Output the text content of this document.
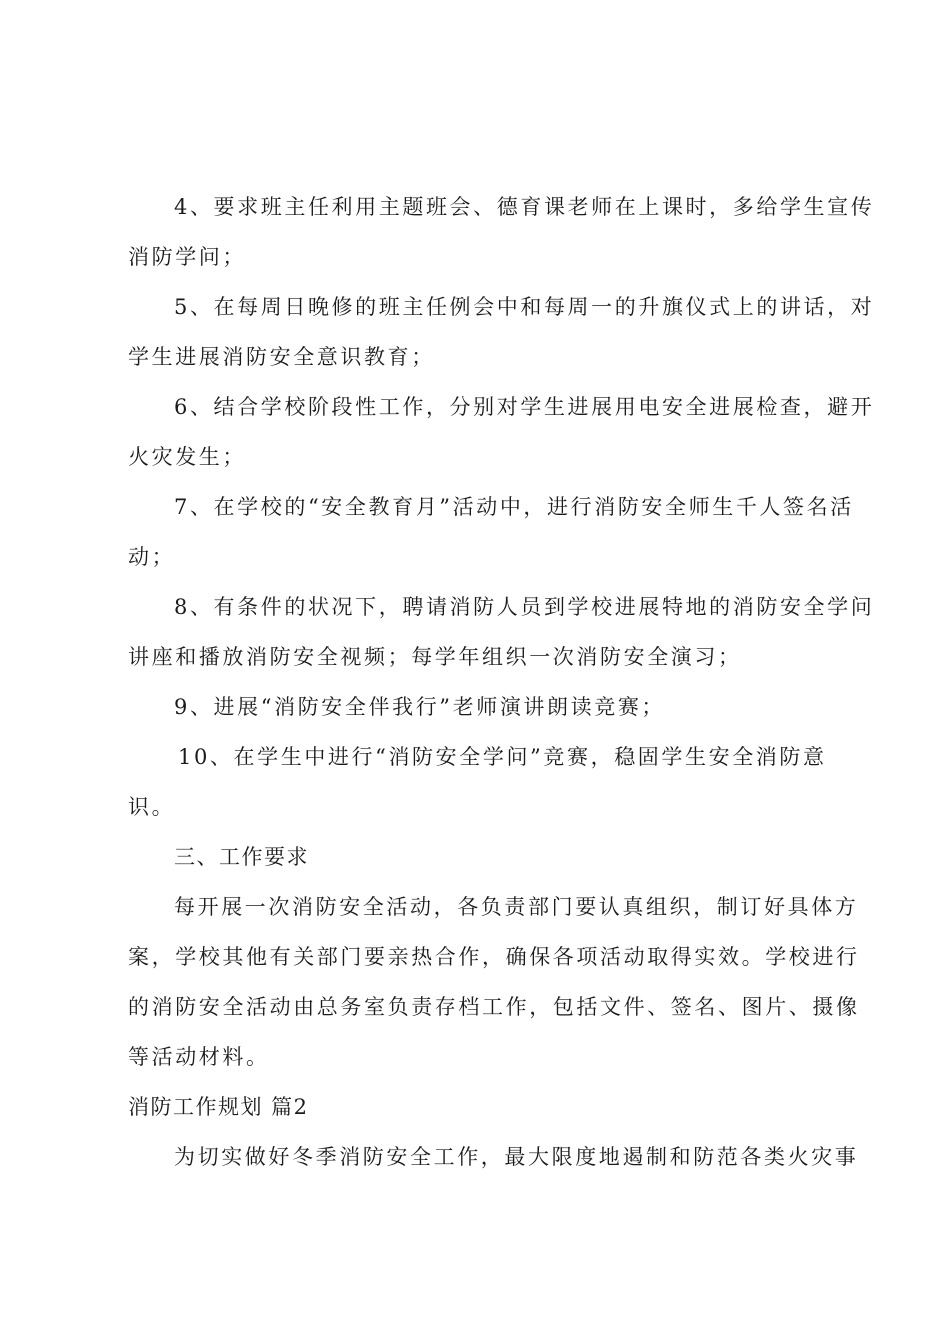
4、要求班主任利用主题班会、德育课老师在上课时，多给学生宣传
消防学问；
5、在每周日晚修的班主任例会中和每周一的升旗仪式上的讲话，对
学生进展消防安全意识教育；
6、结合学校阶段性工作，分别对学生进展用电安全进展检查，避开
火灾发生；
7、在学校的“安全教育月”活动中，进行消防安全师生千人签名活
动；
8、有条件的状况下，聘请消防人员到学校进展特地的消防安全学问
讲座和播放消防安全视频；每学年组织一次消防安全演习；
9、进展“消防安全伴我行”老师演讲朗读竞赛；
10、在学生中进行“消防安全学问”竞赛，稳固学生安全消防意
识。
三、工作要求
每开展一次消防安全活动，各负责部门要认真组织，制订好具体方
案，学校其他有关部门要亲热合作，确保各项活动取得实效。学校进行
的消防安全活动由总务室负责存档工作，包括文件、签名、图片、摄像
等活动材料。
消防工作规划 篇2
为切实做好冬季消防安全工作，最大限度地遏制和防范各类火灾事
